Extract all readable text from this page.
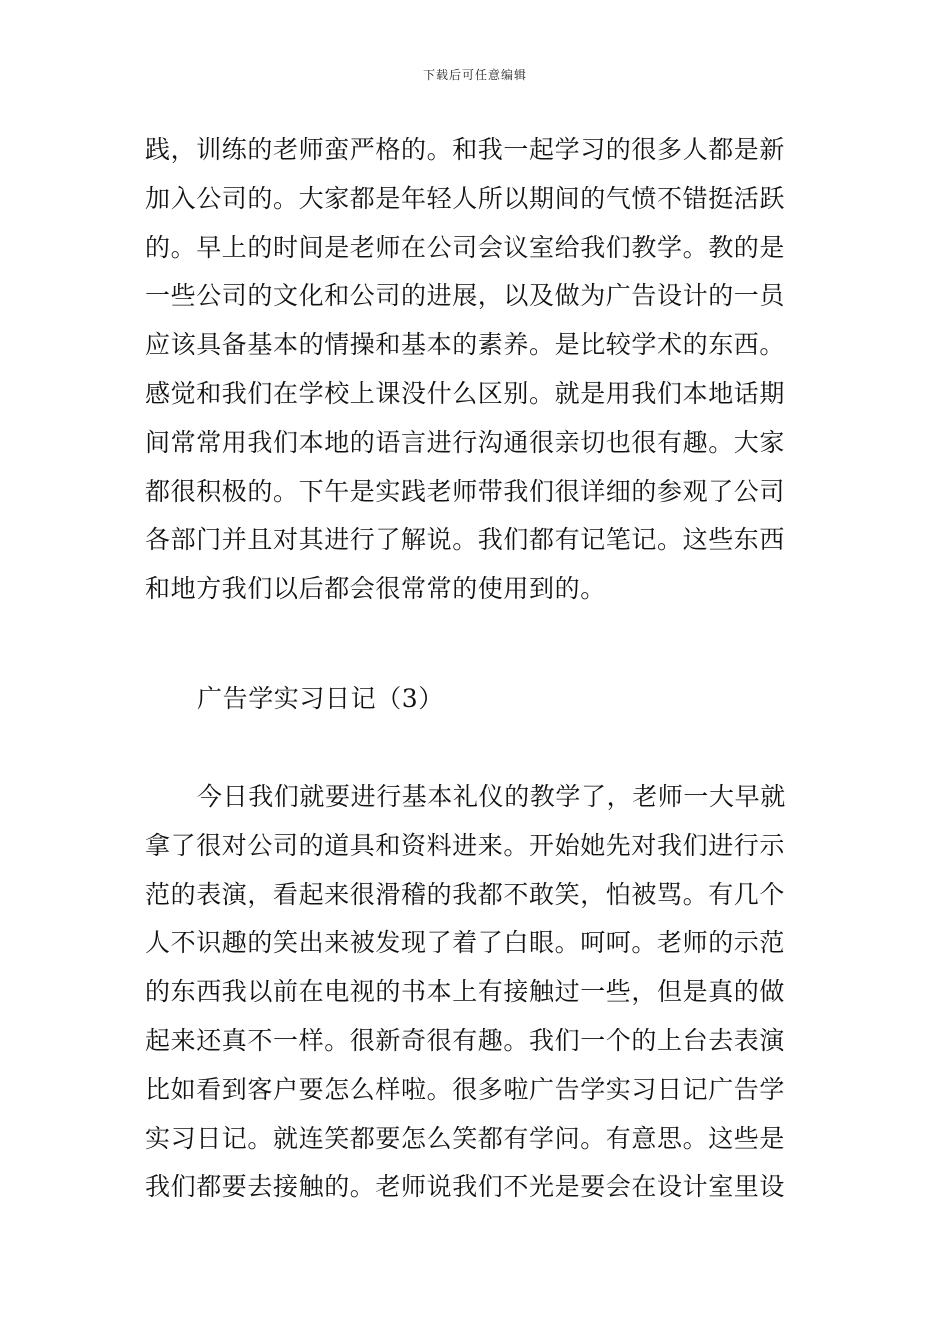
下载后可任意编辑
践，训练的老师蛮严格的。和我一起学习的很多人都是新
加入公司的。大家都是年轻人所以期间的气愤不错挺活跃
的。早上的时间是老师在公司会议室给我们教学。教的是
一些公司的文化和公司的进展，以及做为广告设计的一员
应该具备基本的情操和基本的素养。是比较学术的东西。
感觉和我们在学校上课没什么区别。就是用我们本地话期
间常常用我们本地的语言进行沟通很亲切也很有趣。大家
都很积极的。下午是实践老师带我们很详细的参观了公司
各部门并且对其进行了解说。我们都有记笔记。这些东西
和地方我们以后都会很常常的使用到的。
广告学实习日记（3）
今日我们就要进行基本礼仪的教学了，老师一大早就
拿了很对公司的道具和资料进来。开始她先对我们进行示
范的表演，看起来很滑稽的我都不敢笑，怕被骂。有几个
人不识趣的笑出来被发现了着了白眼。呵呵。老师的示范
的东西我以前在电视的书本上有接触过一些，但是真的做
起来还真不一样。很新奇很有趣。我们一个的上台去表演
比如看到客户要怎么样啦。很多啦广告学实习日记广告学
实习日记。就连笑都要怎么笑都有学问。有意思。这些是
我们都要去接触的。老师说我们不光是要会在设计室里设
